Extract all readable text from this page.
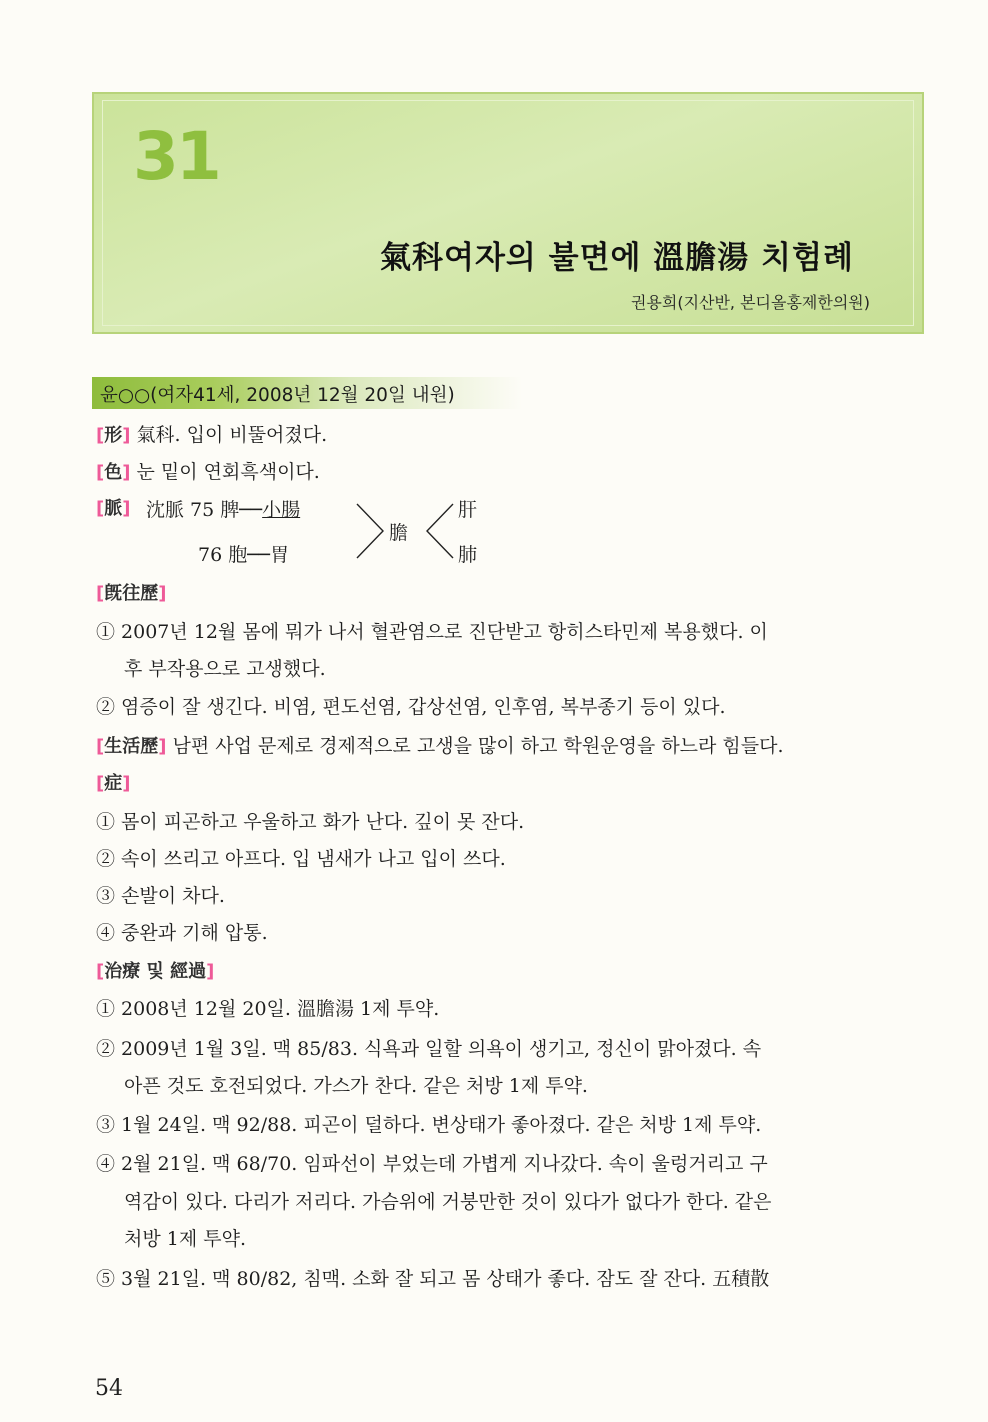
31
氣科여자의 불면에 溫膽湯 치험례
권용희(지산반, 본디올홍제한의원)
윤○○(여자41세, 2008년 12월 20일 내원)
[形] 氣科. 입이 비뚤어졌다.
[色] 눈 밑이 연회흑색이다.
[脈] 沈脈 75 脾──小腸
76 胞──胃
膽
肝
肺
[旣往歷]
① 2007년 12월 몸에 뭐가 나서 혈관염으로 진단받고 항히스타민제 복용했다. 이
후 부작용으로 고생했다.
② 염증이 잘 생긴다. 비염, 편도선염, 갑상선염, 인후염, 복부종기 등이 있다.
[生活歷] 남편 사업 문제로 경제적으로 고생을 많이 하고 학원운영을 하느라 힘들다.
[症]
① 몸이 피곤하고 우울하고 화가 난다. 깊이 못 잔다.
② 속이 쓰리고 아프다. 입 냄새가 나고 입이 쓰다.
③ 손발이 차다.
④ 중완과 기해 압통.
[治療 및 經過]
① 2008년 12월 20일. 溫膽湯 1제 투약.
② 2009년 1월 3일. 맥 85/83. 식욕과 일할 의욕이 생기고, 정신이 맑아졌다. 속
아픈 것도 호전되었다. 가스가 찬다. 같은 처방 1제 투약.
③ 1월 24일. 맥 92/88. 피곤이 덜하다. 변상태가 좋아졌다. 같은 처방 1제 투약.
④ 2월 21일. 맥 68/70. 임파선이 부었는데 가볍게 지나갔다. 속이 울렁거리고 구
역감이 있다. 다리가 저리다. 가슴위에 거붕만한 것이 있다가 없다가 한다. 같은
처방 1제 투약.
⑤ 3월 21일. 맥 80/82, 침맥. 소화 잘 되고 몸 상태가 좋다. 잠도 잘 잔다. 五積散
54
